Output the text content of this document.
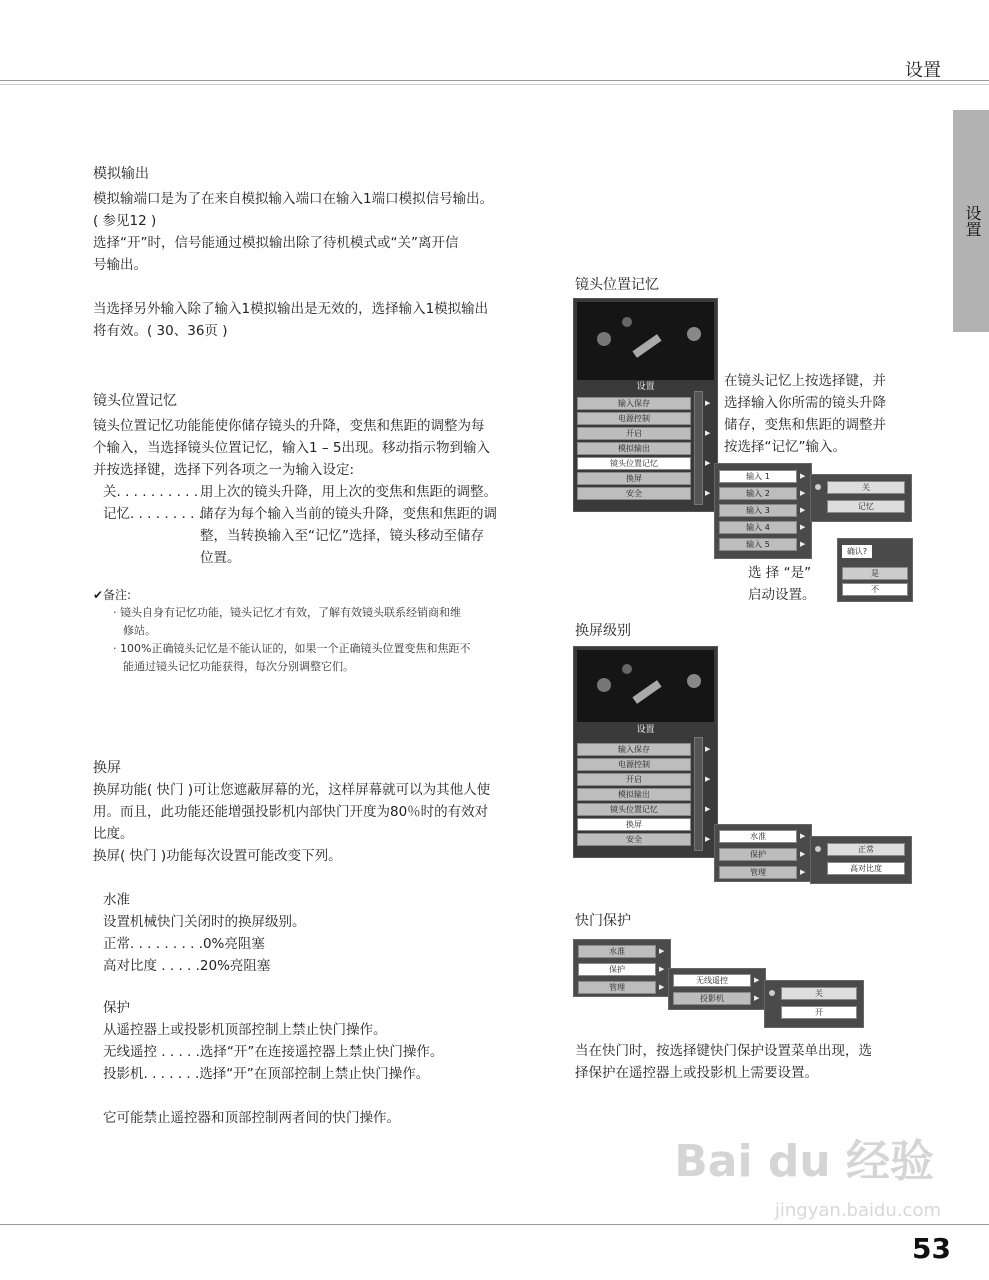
设置
设置
模拟输出
模拟输端口是为了在来自模拟输入端口在输入1端口模拟信号输出。
( 参见12 )
选择“开”时，信号能通过模拟输出除了待机模式或“关”离开信
号输出。
当选择另外输入除了输入1模拟输出是无效的，选择输入1模拟输出
将有效。( 30、36页 )
镜头位置记忆
镜头位置记忆功能能使你储存镜头的升降，变焦和焦距的调整为每
个输入，当选择镜头位置记忆，输入1 – 5出现。移动指示物到输入
并按选择键，选择下列各项之一为输入设定:
关. . . . . . . . . . .
用上次的镜头升降，用上次的变焦和焦距的调整。
记忆. . . . . . . . .
储存为每个输入当前的镜头升降，变焦和焦距的调
整，当转换输入至“记忆”选择，镜头移动至储存
位置。
✔备注:
· 镜头自身有记忆功能，镜头记忆才有效，了解有效镜头联系经销商和维
修站。
· 100%正确镜头记忆是不能认证的，如果一个正确镜头位置变焦和焦距不
能通过镜头记忆功能获得，每次分别调整它们。
换屏
换屏功能( 快门 )可让您遮蔽屏幕的光，这样屏幕就可以为其他人使
用。而且，此功能还能增强投影机内部快门开度为80％时的有效对
比度。
换屏( 快门 )功能每次设置可能改变下列。
水准
设置机械快门关闭时的换屏级别。
正常. . . . . . . . .0%亮阻塞
高对比度 . . . . .20%亮阻塞
保护
从遥控器上或投影机顶部控制上禁止快门操作。
无线遥控 . . . . .选择“开”在连接遥控器上禁止快门操作。
投影机. . . . . . .选择“开”在顶部控制上禁止快门操作。
它可能禁止遥控器和顶部控制两者间的快门操作。
镜头位置记忆
设置
输入保存
电源控制
开启
模拟输出
镜头位置记忆
换屏
安全
▶
▶
▶
▶
在镜头记忆上按选择键，并
选择输入你所需的镜头升降
储存，变焦和焦距的调整并
按选择“记忆”输入。
输入 1
输入 2
输入 3
输入 4
输入 5
▶
▶
▶
▶
▶
关
记忆
选 择 “是”
启动设置。
确认?
是
不
换屏级别
设置
输入保存
电源控制
开启
模拟输出
镜头位置记忆
换屏
安全
▶
▶
▶
▶	水准
保护
管理
▶
▶
▶
正常
高对比度
快门保护
水准
保护
管理
▶
▶
▶
无线遥控
投影机
▶
▶	关
开
当在快门时，按选择键快门保护设置菜单出现，选
择保护在遥控器上或投影机上需要设置。
Bai du 经验
jingyan.baidu.com
53
